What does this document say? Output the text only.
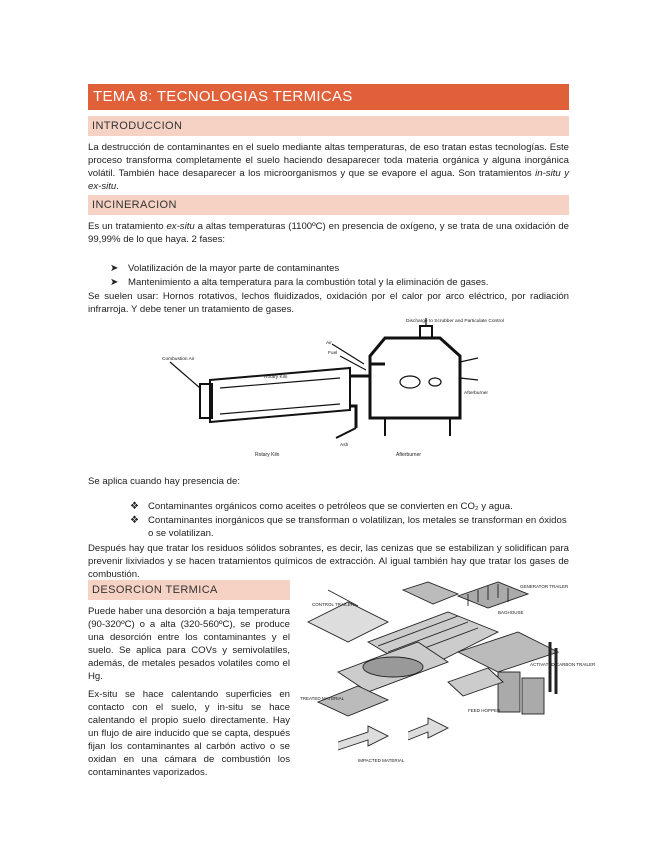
TEMA 8: TECNOLOGIAS TERMICAS
INTRODUCCION

La destrucción de contaminantes en el suelo mediante altas temperaturas, de eso tratan estas tecnologías. Este proceso transforma completamente el suelo haciendo desaparecer toda materia orgánica y alguna inorgánica volátil. También hace desaparecer a los microorganismos y que se evapore el agua. Son tratamientos in-situ y ex-situ.

INCINERACION

Es un tratamiento ex-situ a altas temperaturas (1100ºC) en presencia de oxígeno, y se trata de una oxidación de 99,99% de lo que haya. 2 fases:

➤ Volatilización de la mayor parte de contaminantes
➤ Mantenimiento a alta temperatura para la combustión total y la eliminación de gases.

Se suelen usar: Hornos rotativos, lechos fluidizados, oxidación por el calor por arco eléctrico, por radiación infrarroja. Y debe tener un tratamiento de gases.

Discharge to Scrubber and Particulate Control
Rotary Kiln
Air
Fuel
Combustion Air
Ash
Afterburner
Rotary Kiln	Afterburner

Se aplica cuando hay presencia de:

❖ Contaminantes orgánicos como aceites o petróleos que se convierten en CO₂ y agua.
❖ Contaminantes inorgánicos que se transforman o volatilizan, los metales se transforman en óxidos o se volatilizan.

Después hay que tratar los residuos sólidos sobrantes, es decir, las cenizas que se estabilizan y solidifican para prevenir lixiviados y se hacen tratamientos químicos de extracción. Al igual también hay que tratar los gases de combustión.

DESORCION TERMICA

Puede haber una desorción a baja temperatura (90-320ºC) o a alta (320-560ºC), se produce una desorción entre los contaminantes y el suelo. Se aplica para COVs y semivolatiles, además, de metales pesados volatiles como el Hg.

Ex-situ se hace calentando superficies en contacto con el suelo, y in-situ se hace calentando el propio suelo directamente. Hay un flujo de aire inducido que se capta, después fijan los contaminantes al carbón activo o se oxidan en una cámara de combustión los contaminantes vaporizados.

CONTROL TRAILER
BAGHOUSE
GENERATOR TRAILER
TREATED MATERIAL
IMPACTED MATERIAL
FEED HOPPER
ACTIVATED CARBON TRAILER
